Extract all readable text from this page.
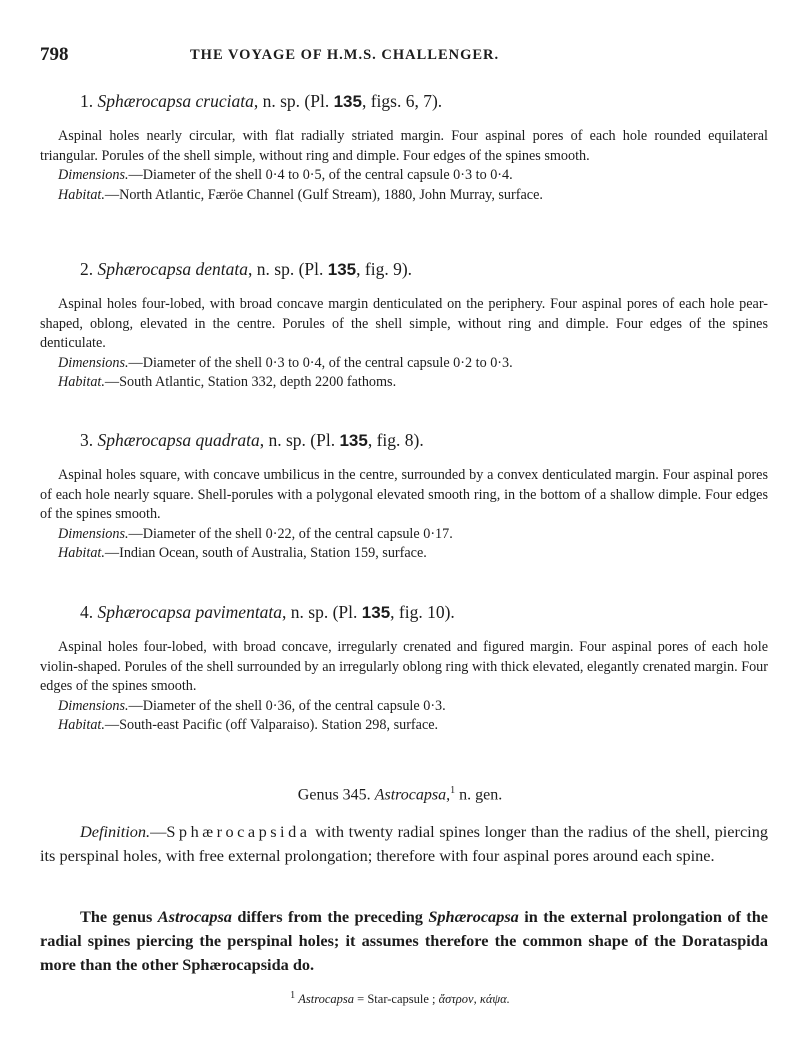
798	THE VOYAGE OF H.M.S. CHALLENGER.
1. Sphærocapsa cruciata, n. sp. (Pl. 135, figs. 6, 7).
Aspinal holes nearly circular, with flat radially striated margin. Four aspinal pores of each hole rounded equilateral triangular. Porules of the shell simple, without ring and dimple. Four edges of the spines smooth.
Dimensions.—Diameter of the shell 0·4 to 0·5, of the central capsule 0·3 to 0·4.
Habitat.—North Atlantic, Færöe Channel (Gulf Stream), 1880, John Murray, surface.
2. Sphærocapsa dentata, n. sp. (Pl. 135, fig. 9).
Aspinal holes four-lobed, with broad concave margin denticulated on the periphery. Four aspinal pores of each hole pear-shaped, oblong, elevated in the centre. Porules of the shell simple, without ring and dimple. Four edges of the spines denticulate.
Dimensions.—Diameter of the shell 0·3 to 0·4, of the central capsule 0·2 to 0·3.
Habitat.—South Atlantic, Station 332, depth 2200 fathoms.
3. Sphærocapsa quadrata, n. sp. (Pl. 135, fig. 8).
Aspinal holes square, with concave umbilicus in the centre, surrounded by a convex denticulated margin. Four aspinal pores of each hole nearly square. Shell-porules with a polygonal elevated smooth ring, in the bottom of a shallow dimple. Four edges of the spines smooth.
Dimensions.—Diameter of the shell 0·22, of the central capsule 0·17.
Habitat.—Indian Ocean, south of Australia, Station 159, surface.
4. Sphærocapsa pavimentata, n. sp. (Pl. 135, fig. 10).
Aspinal holes four-lobed, with broad concave, irregularly crenated and figured margin. Four aspinal pores of each hole violin-shaped. Porules of the shell surrounded by an irregularly oblong ring with thick elevated, elegantly crenated margin. Four edges of the spines smooth.
Dimensions.—Diameter of the shell 0·36, of the central capsule 0·3.
Habitat.—South-east Pacific (off Valparaiso). Station 298, surface.
Genus 345. Astrocapsa,$^1$ n. gen.
Definition.—Sphærocapsida with twenty radial spines longer than the radius of the shell, piercing its perspinal holes, with free external prolongation; therefore with four aspinal pores around each spine.
The genus Astrocapsa differs from the preceding Sphærocapsa in the external prolongation of the radial spines piercing the perspinal holes; it assumes therefore the common shape of the Dorataspida more than the other Sphærocapsida do.
$^1$ Astrocapsa = Star-capsule ; ἄστρον, κάψα.
